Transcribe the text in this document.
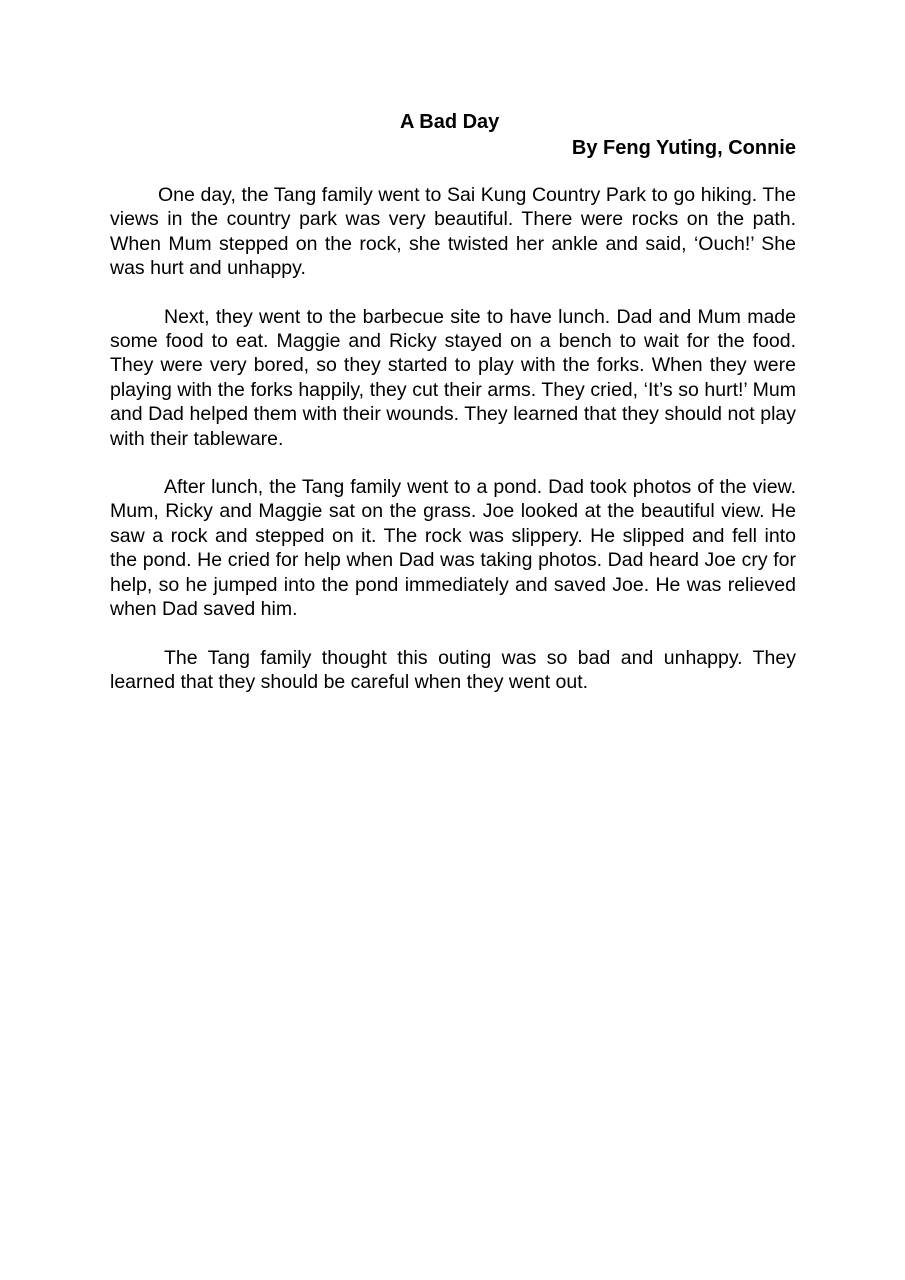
A Bad Day
By Feng Yuting, Connie

One day, the Tang family went to Sai Kung Country Park to go hiking. The views in the country park was very beautiful. There were rocks on the path. When Mum stepped on the rock, she twisted her ankle and said, ‘Ouch!’ She was hurt and unhappy.

Next, they went to the barbecue site to have lunch. Dad and Mum made some food to eat. Maggie and Ricky stayed on a bench to wait for the food. They were very bored, so they started to play with the forks. When they were playing with the forks happily, they cut their arms. They cried, ‘It’s so hurt!’ Mum and Dad helped them with their wounds. They learned that they should not play with their tableware.

After lunch, the Tang family went to a pond. Dad took photos of the view. Mum, Ricky and Maggie sat on the grass. Joe looked at the beautiful view. He saw a rock and stepped on it. The rock was slippery. He slipped and fell into the pond. He cried for help when Dad was taking photos. Dad heard Joe cry for help, so he jumped into the pond immediately and saved Joe. He was relieved when Dad saved him.

The Tang family thought this outing was so bad and unhappy. They learned that they should be careful when they went out.
